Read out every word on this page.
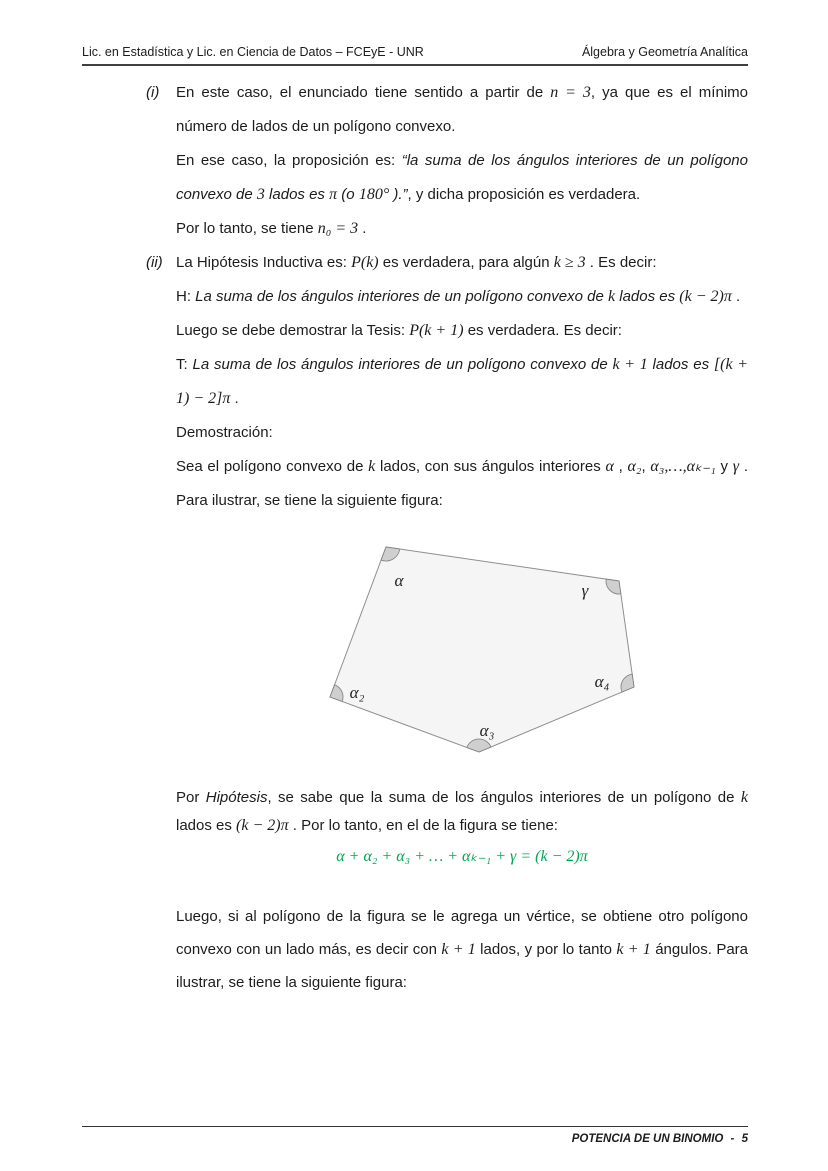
Lic. en Estadística y Lic. en Ciencia de Datos – FCEyE - UNR	Álgebra y Geometría Analítica
(i)	En este caso, el enunciado tiene sentido a partir de n = 3, ya que es el mínimo número de lados de un polígono convexo.

En ese caso, la proposición es: “la suma de los ángulos interiores de un polígono convexo de 3 lados es π (o 180° ).”, y dicha proposición es verdadera.

Por lo tanto, se tiene n₀ = 3 .

(ii) La Hipótesis Inductiva es: P(k) es verdadera, para algún k ≥ 3 . Es decir:

H: La suma de los ángulos interiores de un polígono convexo de k lados es (k − 2)π .

Luego se debe demostrar la Tesis: P(k + 1) es verdadera. Es decir:

T: La suma de los ángulos interiores de un polígono convexo de k + 1 lados es [(k + 1) − 2]π .

Demostración:

Sea el polígono convexo de k lados, con sus ángulos interiores α , α₂, α₃,…,αₖ₋₁ y γ . Para ilustrar, se tiene la siguiente figura:

α
γ
α₂
α₄
α₃

Por Hipótesis, se sabe que la suma de los ángulos interiores de un polígono de k lados es (k − 2)π . Por lo tanto, en el de la figura se tiene:

α + α₂ + α₃ + … + αₖ₋₁ + γ = (k − 2)π

Luego, si al polígono de la figura se le agrega un vértice, se obtiene otro polígono convexo con un lado más, es decir con k + 1 lados, y por lo tanto k + 1 ángulos. Para ilustrar, se tiene la siguiente figura:

POTENCIA DE UN BINOMIO - 5
